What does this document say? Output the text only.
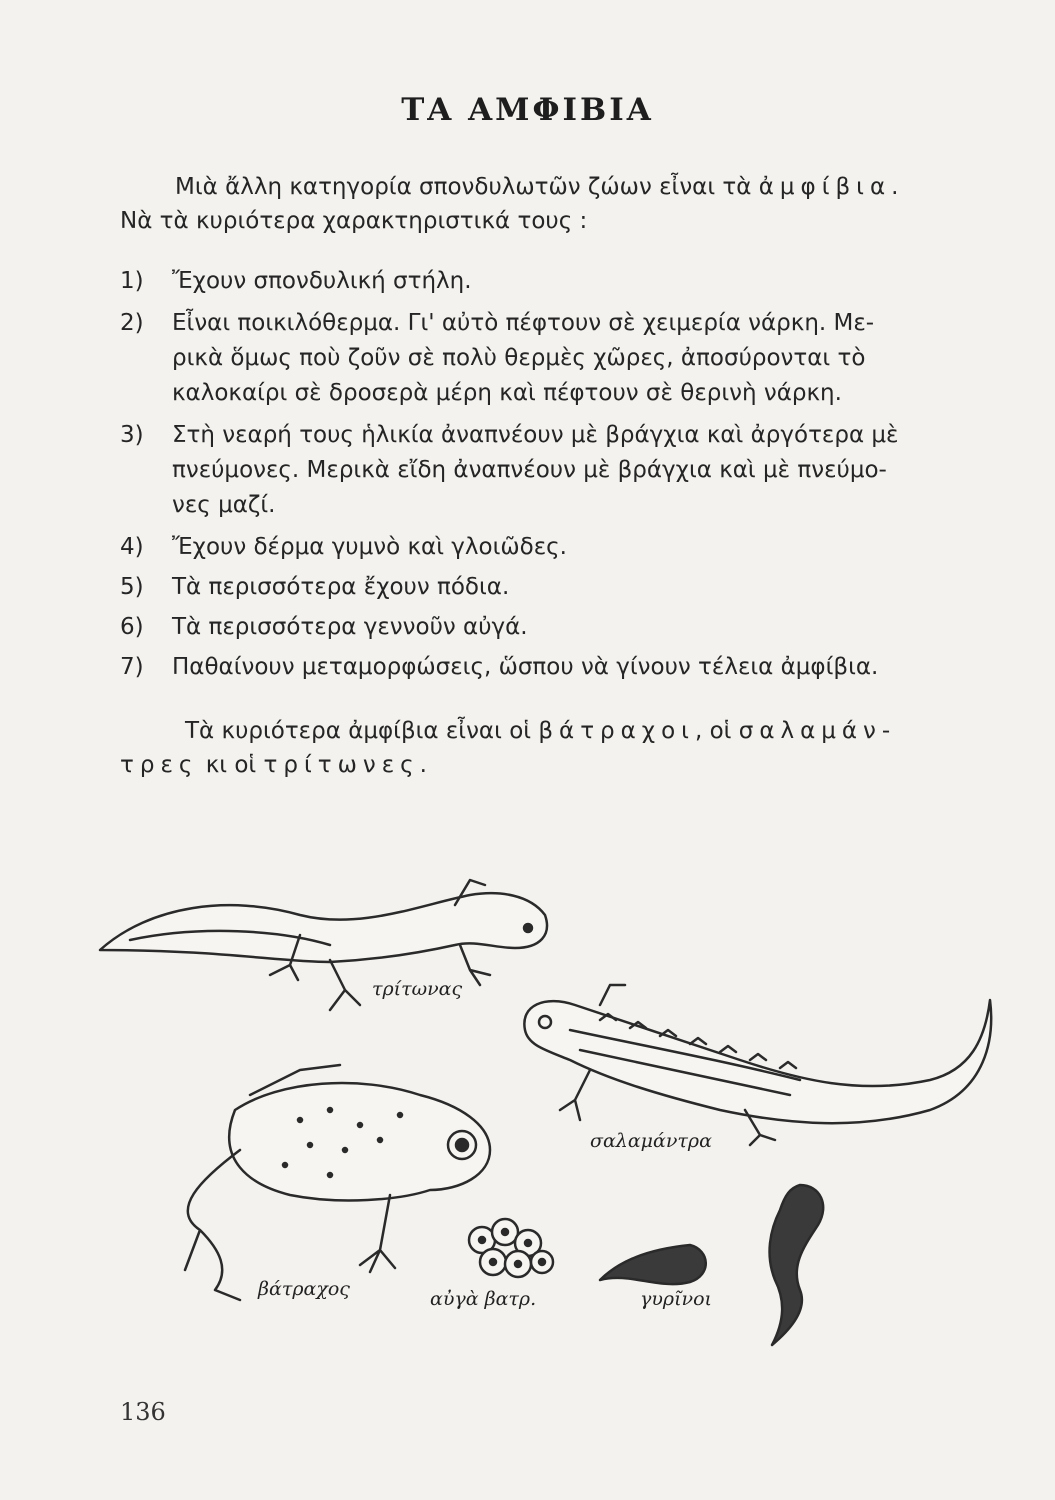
ΤΑ ΑΜΦΙΒΙΑ
Μιὰ ἄλλη κατηγορία σπονδυλωτῶν ζώων εἶναι τὰ ἀμφίβια.
Νὰ τὰ κυριότερα χαρακτηριστικά τους :
1) Ἔχουν σπονδυλική στήλη.
2) Εἶναι ποικιλόθερμα. Γι' αὐτὸ πέφτουν σὲ χειμερία νάρκη. Με-
ρικὰ ὅμως ποὺ ζοῦν σὲ πολὺ θερμὲς χῶρες, ἀποσύρονται τὸ
καλοκαίρι σὲ δροσερὰ μέρη καὶ πέφτουν σὲ θερινὴ νάρκη.
3) Στὴ νεαρή τους ἡλικία ἀναπνέουν μὲ βράγχια καὶ ἀργότερα μὲ
πνεύμονες. Μερικὰ εἴδη ἀναπνέουν μὲ βράγχια καὶ μὲ πνεύμο-
νες μαζί.
4) Ἔχουν δέρμα γυμνὸ καὶ γλοιῶδες.
5) Τὰ περισσότερα ἔχουν πόδια.
6) Τὰ περισσότερα γεννοῦν αὐγά.
7) Παθαίνουν μεταμορφώσεις, ὥσπου νὰ γίνουν τέλεια ἀμφίβια.
Τὰ κυριότερα ἀμφίβια εἶναι οἱ βάτραχοι, οἱ σαλαμάν-
τρες κι οἱ τρίτωνες.
τρίτωνας
σαλαμάντρα
βάτραχος	αὐγὰ βατρ.	γυρῖνοι
136
